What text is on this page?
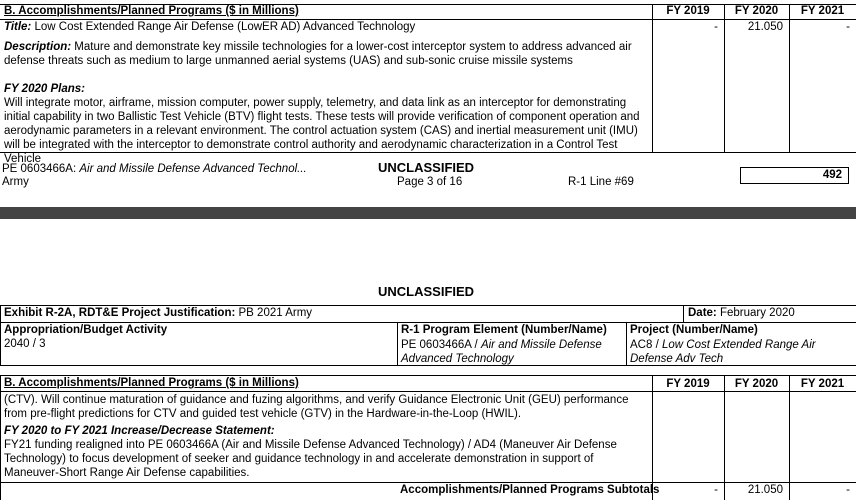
B. Accomplishments/Planned Programs ($ in Millions)	FY 2019	FY 2020	FY 2021
Title: Low Cost Extended Range Air Defense (LowER AD) Advanced Technology	-	21.050	-

Description: Mature and demonstrate key missile technologies for a lower-cost interceptor system to address advanced air defense threats such as medium to large unmanned aerial systems (UAS) and sub-sonic cruise missile systems

FY 2020 Plans:

Will integrate motor, airframe, mission computer, power supply, telemetry, and data link as an interceptor for demonstrating initial capability in two Ballistic Test Vehicle (BTV) flight tests. These tests will provide verification of component operation and aerodynamic parameters in a relevant environment. The control actuation system (CAS) and inertial measurement unit (IMU) will be integrated with the interceptor to demonstrate control authority and aerodynamic characterization in a Control Test Vehicle

PE 0603466A: Air and Missile Defense Advanced Technol...
Army
UNCLASSIFIED
Page 3 of 16	R-1 Line #69
492
UNCLASSIFIED
Exhibit R-2A, RDT&E Project Justification: PB 2021 Army	Date: February 2020
Appropriation/Budget Activity
2040 / 3
R-1 Program Element (Number/Name)

PE 0603466A / Air and Missile Defense Advanced Technology

Project (Number/Name)

AC8 / Low Cost Extended Range Air Defense Adv Tech

B. Accomplishments/Planned Programs ($ in Millions)	FY 2019	FY 2020	FY 2021

(CTV). Will continue maturation of guidance and fuzing algorithms, and verify Guidance Electronic Unit (GEU) performance from pre-flight predictions for CTV and guided test vehicle (GTV) in the Hardware-in-the-Loop (HWIL).

FY 2020 to FY 2021 Increase/Decrease Statement:

FY21 funding realigned into PE 0603466A (Air and Missile Defense Advanced Technology) / AD4 (Maneuver Air Defense Technology) to focus development of seeker and guidance technology in and accelerate demonstration in support of Maneuver-Short Range Air Defense capabilities.

Accomplishments/Planned Programs Subtotals	-	21.050	-
